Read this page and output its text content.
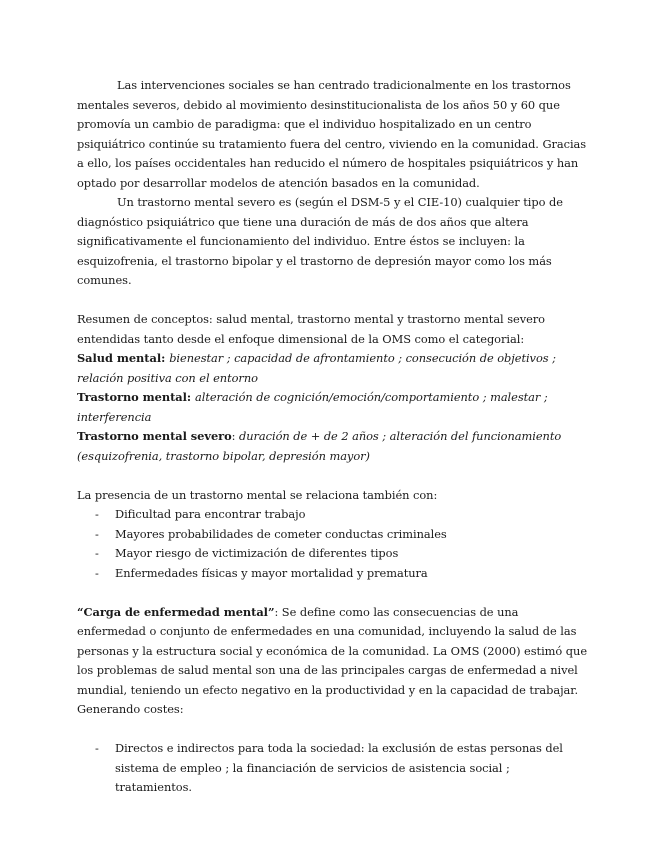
Las intervenciones sociales se han centrado tradicionalmente en los trastornos mentales severos, debido al movimiento desinstitucionalista de los años 50 y 60 que promovía un cambio de paradigma: que el individuo hospitalizado en un centro psiquiátrico continúe su tratamiento fuera del centro, viviendo en la comunidad. Gracias a ello, los países occidentales han reducido el número de hospitales psiquiátricos y han optado por desarrollar modelos de atención basados en la comunidad.

Un trastorno mental severo es (según el DSM-5 y el CIE-10) cualquier tipo de diagnóstico psiquiátrico que tiene una duración de más de dos años que altera significativamente el funcionamiento del individuo. Entre éstos se incluyen: la esquizofrenia, el trastorno bipolar y el trastorno de depresión mayor como los más comunes.

Resumen de conceptos: salud mental, trastorno mental y trastorno mental severo entendidas tanto desde el enfoque dimensional de la OMS como el categorial:

Salud mental: bienestar ; capacidad de afrontamiento ; consecución de objetivos ; relación positiva con el entorno

Trastorno mental: alteración de cognición/emoción/comportamiento ; malestar ; interferencia

Trastorno mental severo: duración de + de 2 años ; alteración del funcionamiento (esquizofrenia, trastorno bipolar, depresión mayor)

La presencia de un trastorno mental se relaciona también con:

- Dificultad para encontrar trabajo
- Mayores probabilidades de cometer conductas criminales
- Mayor riesgo de victimización de diferentes tipos
- Enfermedades físicas y mayor mortalidad y prematura

“Carga de enfermedad mental”: Se define como las consecuencias de una enfermedad o conjunto de enfermedades en una comunidad, incluyendo la salud de las personas y la estructura social y económica de la comunidad. La OMS (2000) estimó que los problemas de salud mental son una de las principales cargas de enfermedad a nivel mundial, teniendo un efecto negativo en la productividad y en la capacidad de trabajar. Generando costes:

- Directos e indirectos para toda la sociedad: la exclusión de estas personas del sistema de empleo ; la financiación de servicios de asistencia social ; tratamientos.
